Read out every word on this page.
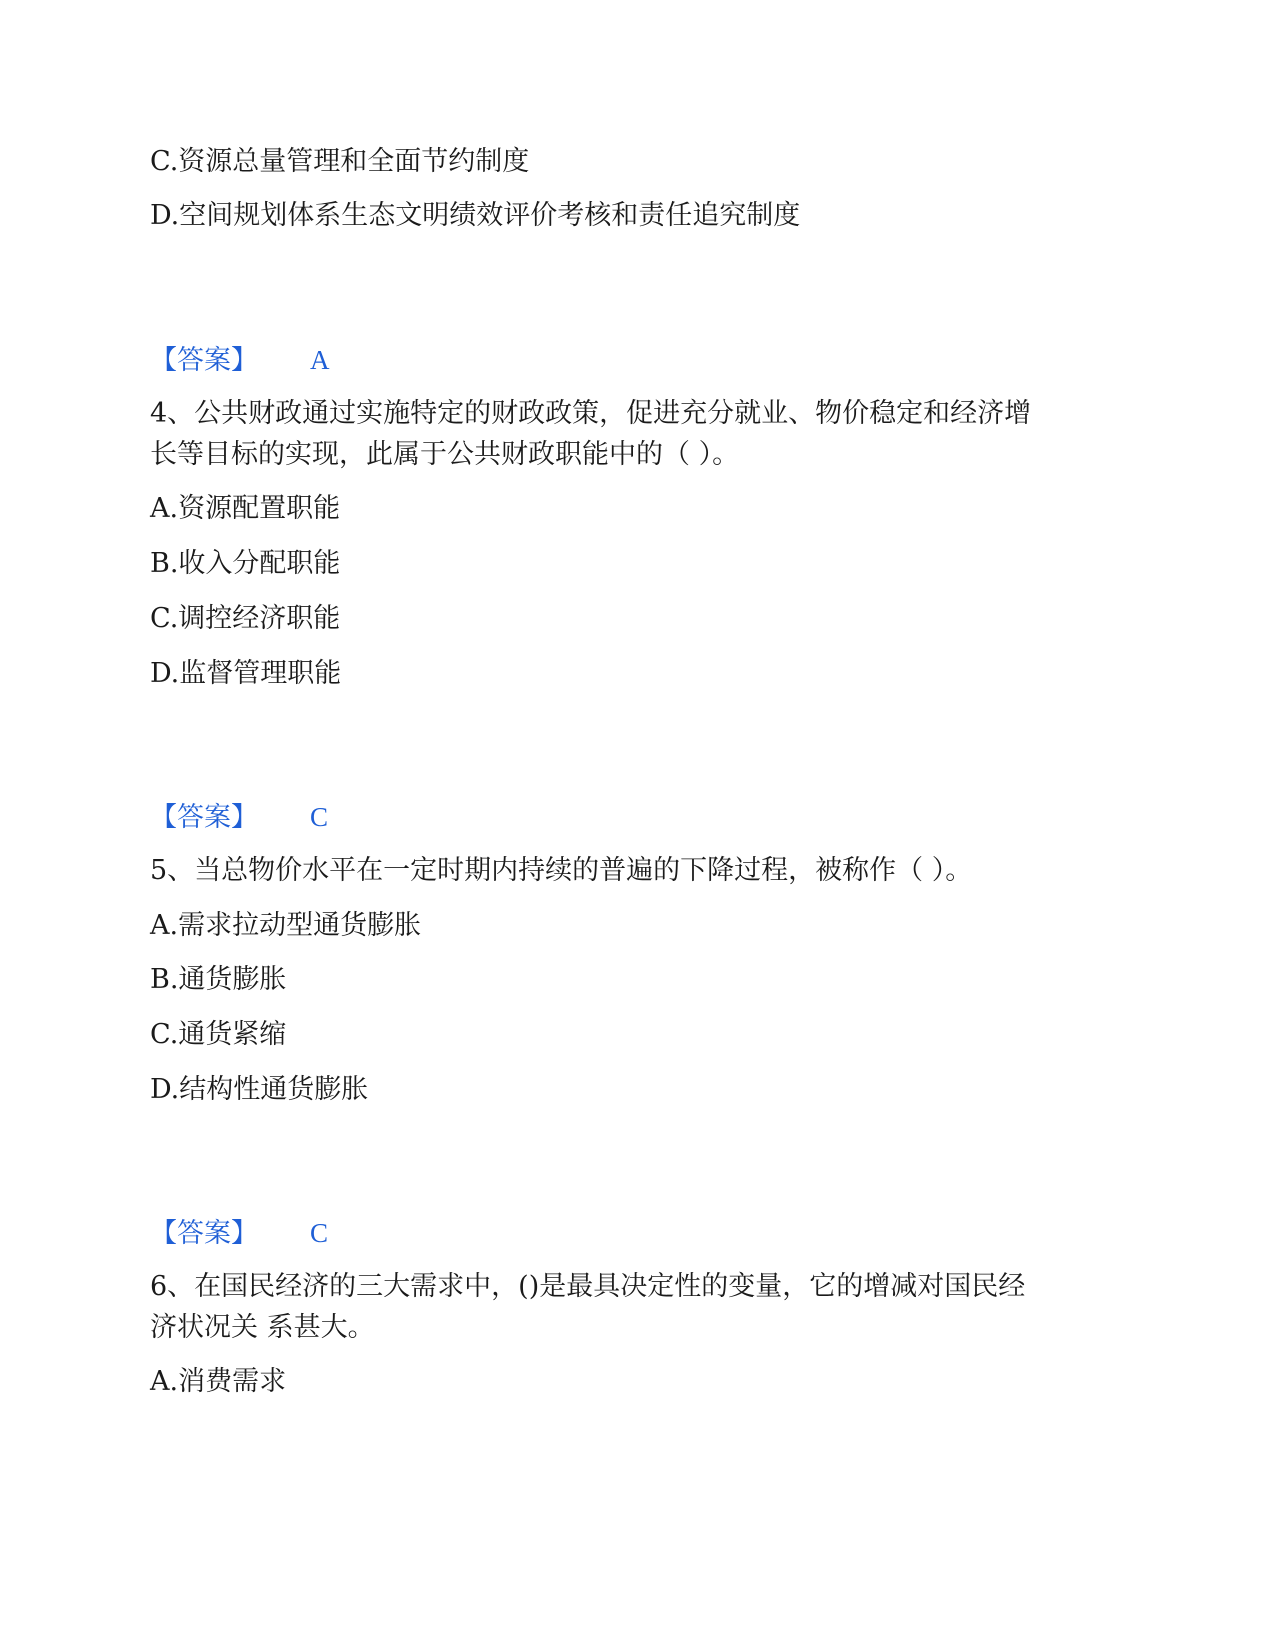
C.资源总量管理和全面节约制度
D.空间规划体系生态文明绩效评价考核和责任追究制度
【答案】 A
4、公共财政通过实施特定的财政政策，促进充分就业、物价稳定和经济增
长等目标的实现，此属于公共财政职能中的（ ）。
A.资源配置职能
B.收入分配职能
C.调控经济职能
D.监督管理职能
【答案】 C
5、当总物价水平在一定时期内持续的普遍的下降过程，被称作（ ）。
A.需求拉动型通货膨胀
B.通货膨胀
C.通货紧缩
D.结构性通货膨胀
【答案】 C
6、在国民经济的三大需求中，()是最具决定性的变量，它的增减对国民经
济状况关 系甚大。
A.消费需求
